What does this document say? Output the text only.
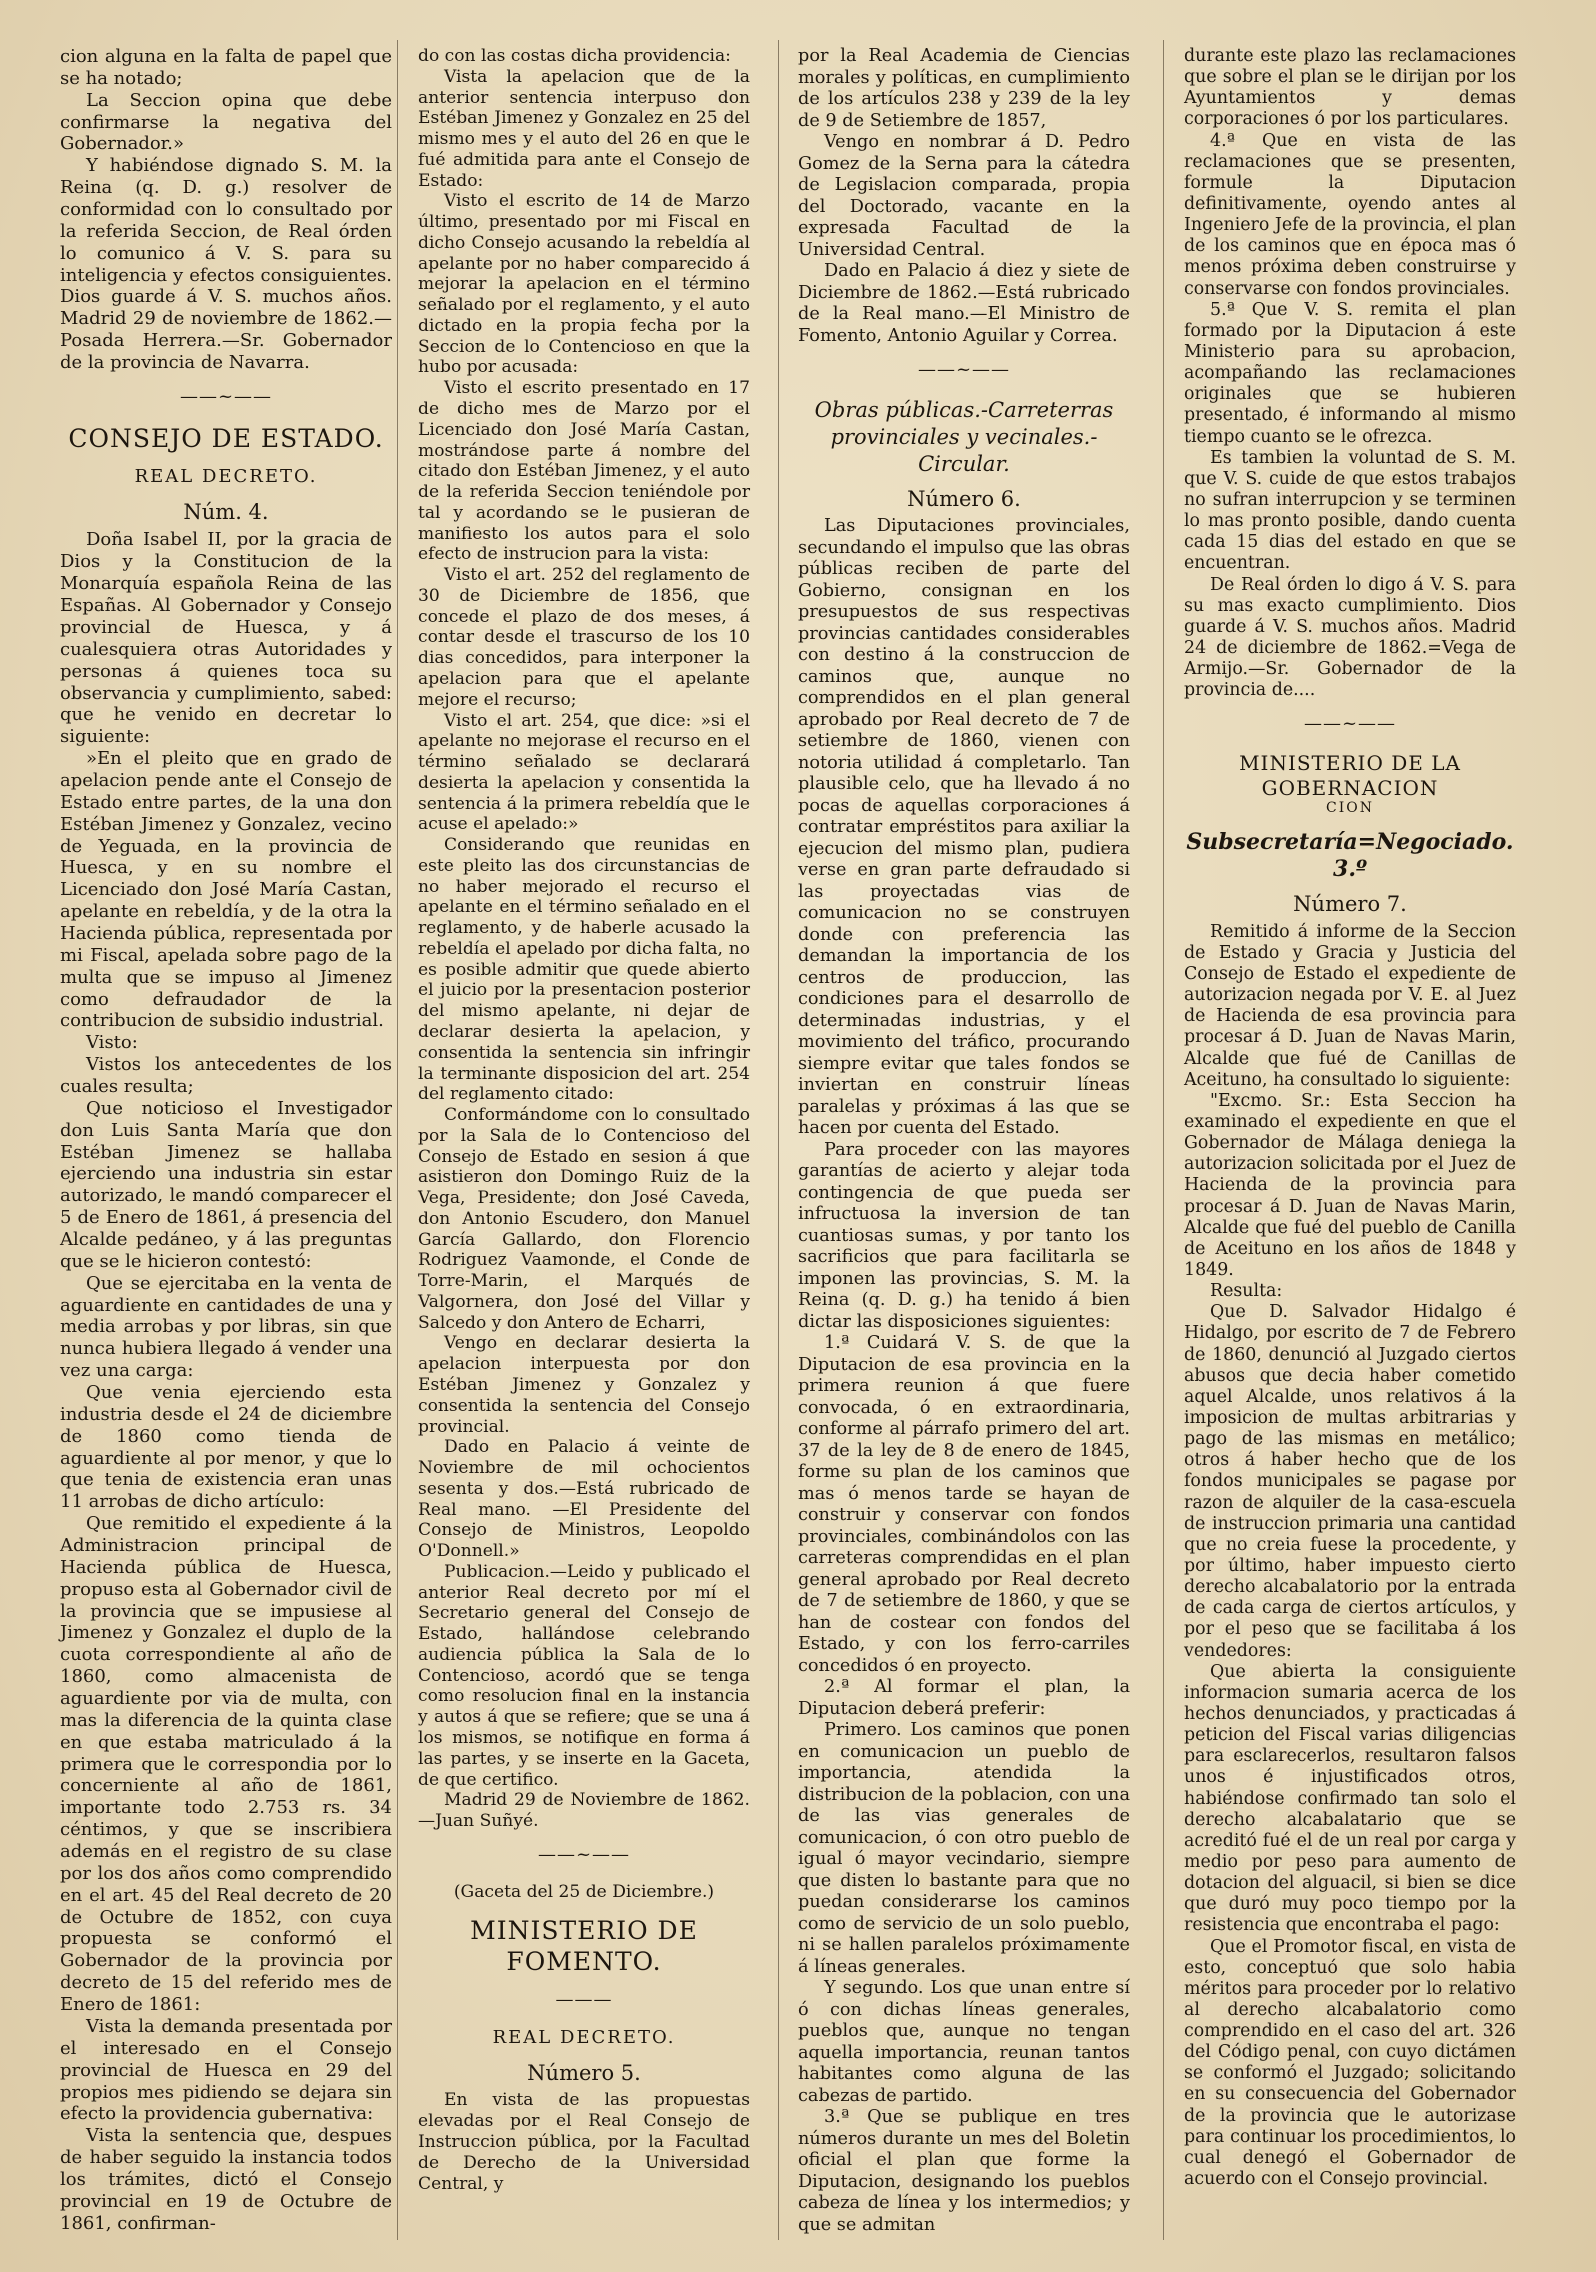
cion alguna en la falta de papel que se ha notado;

La Seccion opina que debe confirmarse la negativa del Gobernador.»

Y habiéndose dignado S. M. la Reina (q. D. g.) resolver de conformidad con lo consultado por la referida Seccion, de Real órden lo comunico á V. S. para su inteligencia y efectos consiguientes. Dios guarde á V. S. muchos años. Madrid 29 de noviembre de 1862.—Posada Herrera.—Sr. Gobernador de la provincia de Navarra.

——~——

CONSEJO DE ESTADO.

REAL DECRETO.

Núm. 4.

Doña Isabel II, por la gracia de Dios y la Constitucion de la Monarquía española Reina de las Españas. Al Gobernador y Consejo provincial de Huesca, y á cualesquiera otras Autoridades y personas á quienes toca su observancia y cumplimiento, sabed: que he venido en decretar lo siguiente:

»En el pleito que en grado de apelacion pende ante el Consejo de Estado entre partes, de la una don Estéban Jimenez y Gonzalez, vecino de Yeguada, en la provincia de Huesca, y en su nombre el Licenciado don José María Castan, apelante en rebeldía, y de la otra la Hacienda pública, representada por mi Fiscal, apelada sobre pago de la multa que se impuso al Jimenez como defraudador de la contribucion de subsidio industrial.

Visto:

Vistos los antecedentes de los cuales resulta;

Que noticioso el Investigador don Luis Santa María que don Estéban Jimenez se hallaba ejerciendo una industria sin estar autorizado, le mandó comparecer el 5 de Enero de 1861, á presencia del Alcalde pedáneo, y á las preguntas que se le hicieron contestó:

Que se ejercitaba en la venta de aguardiente en cantidades de una y media arrobas y por libras, sin que nunca hubiera llegado á vender una vez una carga:

Que venia ejerciendo esta industria desde el 24 de diciembre de 1860 como tienda de aguardiente al por menor, y que lo que tenia de existencia eran unas 11 arrobas de dicho artículo:

Que remitido el expediente á la Administracion principal de Hacienda pública de Huesca, propuso esta al Gobernador civil de la provincia que se impusiese al Jimenez y Gonzalez el duplo de la cuota correspondiente al año de 1860, como almacenista de aguardiente por via de multa, con mas la diferencia de la quinta clase en que estaba matriculado á la primera que le correspondia por lo concerniente al año de 1861, importante todo 2.753 rs. 34 céntimos, y que se inscribiera además en el registro de su clase por los dos años como comprendido en el art. 45 del Real decreto de 20 de Octubre de 1852, con cuya propuesta se conformó el Gobernador de la provincia por decreto de 15 del referido mes de Enero de 1861:

Vista la demanda presentada por el interesado en el Consejo provincial de Huesca en 29 del propios mes pidiendo se dejara sin efecto la providencia gubernativa:

Vista la sentencia que, despues de haber seguido la instancia todos los trámites, dictó el Consejo provincial en 19 de Octubre de 1861, confirman-

do con las costas dicha providencia:

Vista la apelacion que de la anterior sentencia interpuso don Estéban Jimenez y Gonzalez en 25 del mismo mes y el auto del 26 en que le fué admitida para ante el Consejo de Estado:

Visto el escrito de 14 de Marzo último, presentado por mi Fiscal en dicho Consejo acusando la rebeldía al apelante por no haber comparecido á mejorar la apelacion en el término señalado por el reglamento, y el auto dictado en la propia fecha por la Seccion de lo Contencioso en que la hubo por acusada:

Visto el escrito presentado en 17 de dicho mes de Marzo por el Licenciado don José María Castan, mostrándose parte á nombre del citado don Estéban Jimenez, y el auto de la referida Seccion teniéndole por tal y acordando se le pusieran de manifiesto los autos para el solo efecto de instrucion para la vista:

Visto el art. 252 del reglamento de 30 de Diciembre de 1856, que concede el plazo de dos meses, á contar desde el trascurso de los 10 dias concedidos, para interponer la apelacion para que el apelante mejore el recurso;

Visto el art. 254, que dice: »si el apelante no mejorase el recurso en el término señalado se declarará desierta la apelacion y consentida la sentencia á la primera rebeldía que le acuse el apelado:»

Considerando que reunidas en este pleito las dos circunstancias de no haber mejorado el recurso el apelante en el término señalado en el reglamento, y de haberle acusado la rebeldía el apelado por dicha falta, no es posible admitir que quede abierto el juicio por la presentacion posterior del mismo apelante, ni dejar de declarar desierta la apelacion, y consentida la sentencia sin infringir la terminante disposicion del art. 254 del reglamento citado:

Conformándome con lo consultado por la Sala de lo Contencioso del Consejo de Estado en sesion á que asistieron don Domingo Ruiz de la Vega, Presidente; don José Caveda, don Antonio Escudero, don Manuel García Gallardo, don Florencio Rodriguez Vaamonde, el Conde de Torre-Marin, el Marqués de Valgornera, don José del Villar y Salcedo y don Antero de Echarri,

Vengo en declarar desierta la apelacion interpuesta por don Estéban Jimenez y Gonzalez y consentida la sentencia del Consejo provincial.

Dado en Palacio á veinte de Noviembre de mil ochocientos sesenta y dos.—Está rubricado de Real mano. —El Presidente del Consejo de Ministros, Leopoldo O'Donnell.»

Publicacion.—Leido y publicado el anterior Real decreto por mí el Secretario general del Consejo de Estado, hallándose celebrando audiencia pública la Sala de lo Contencioso, acordó que se tenga como resolucion final en la instancia y autos á que se refiere; que se una á los mismos, se notifique en forma á las partes, y se inserte en la Gaceta, de que certifico.

Madrid 29 de Noviembre de 1862. —Juan Suñyé.

——~——

(Gaceta del 25 de Diciembre.)

MINISTERIO DE FOMENTO.

———

REAL DECRETO.

Número 5.

En vista de las propuestas elevadas por el Real Consejo de Instruccion pública, por la Facultad de Derecho de la Universidad Central, y

por la Real Academia de Ciencias morales y políticas, en cumplimiento de los artículos 238 y 239 de la ley de 9 de Setiembre de 1857,

Vengo en nombrar á D. Pedro Gomez de la Serna para la cátedra de Legislacion comparada, propia del Doctorado, vacante en la expresada Facultad de la Universidad Central.

Dado en Palacio á diez y siete de Diciembre de 1862.—Está rubricado de la Real mano.—El Ministro de Fomento, Antonio Aguilar y Correa.

——~——

Obras públicas.-Carreterras provinciales y vecinales.-Circular.

Número 6.

Las Diputaciones provinciales, secundando el impulso que las obras públicas reciben de parte del Gobierno, consignan en los presupuestos de sus respectivas provincias cantidades considerables con destino á la construccion de caminos que, aunque no comprendidos en el plan general aprobado por Real decreto de 7 de setiembre de 1860, vienen con notoria utilidad á completarlo. Tan plausible celo, que ha llevado á no pocas de aquellas corporaciones á contratar empréstitos para axiliar la ejecucion del mismo plan, pudiera verse en gran parte defraudado si las proyectadas vias de comunicacion no se construyen donde con preferencia las demandan la importancia de los centros de produccion, las condiciones para el desarrollo de determinadas industrias, y el movimiento del tráfico, procurando siempre evitar que tales fondos se inviertan en construir líneas paralelas y próximas á las que se hacen por cuenta del Estado.

Para proceder con las mayores garantías de acierto y alejar toda contingencia de que pueda ser infructuosa la inversion de tan cuantiosas sumas, y por tanto los sacrificios que para facilitarla se imponen las provincias, S. M. la Reina (q. D. g.) ha tenido á bien dictar las disposiciones siguientes:

1.ª Cuidará V. S. de que la Diputacion de esa provincia en la primera reunion á que fuere convocada, ó en extraordinaria, conforme al párrafo primero del art. 37 de la ley de 8 de enero de 1845, forme su plan de los caminos que mas ó menos tarde se hayan de construir y conservar con fondos provinciales, combinándolos con las carreteras comprendidas en el plan general aprobado por Real decreto de 7 de setiembre de 1860, y que se han de costear con fondos del Estado, y con los ferro-carriles concedidos ó en proyecto.

2.ª Al formar el plan, la Diputacion deberá preferir:

Primero. Los caminos que ponen en comunicacion un pueblo de importancia, atendida la distribucion de la poblacion, con una de las vias generales de comunicacion, ó con otro pueblo de igual ó mayor vecindario, siempre que disten lo bastante para que no puedan considerarse los caminos como de servicio de un solo pueblo, ni se hallen paralelos próximamente á líneas generales.

Y segundo. Los que unan entre sí ó con dichas líneas generales, pueblos que, aunque no tengan aquella importancia, reunan tantos habitantes como alguna de las cabezas de partido.

3.ª Que se publique en tres números durante un mes del Boletin oficial el plan que forme la Diputacion, designando los pueblos cabeza de línea y los intermedios; y que se admitan

durante este plazo las reclamaciones que sobre el plan se le dirijan por los Ayuntamientos y demas corporaciones ó por los particulares.

4.ª Que en vista de las reclamaciones que se presenten, formule la Diputacion definitivamente, oyendo antes al Ingeniero Jefe de la provincia, el plan de los caminos que en época mas ó menos próxima deben construirse y conservarse con fondos provinciales.

5.ª Que V. S. remita el plan formado por la Diputacion á este Ministerio para su aprobacion, acompañando las reclamaciones originales que se hubieren presentado, é informando al mismo tiempo cuanto se le ofrezca.

Es tambien la voluntad de S. M. que V. S. cuide de que estos trabajos no sufran interrupcion y se terminen lo mas pronto posible, dando cuenta cada 15 dias del estado en que se encuentran.

De Real órden lo digo á V. S. para su mas exacto cumplimiento. Dios guarde á V. S. muchos años. Madrid 24 de diciembre de 1862.=Vega de Armijo.—Sr. Gobernador de la provincia de....

——~——

MINISTERIO DE LA GOBERNACION

CION

Subsecretaría=Negociado. 3.º

Número 7.

Remitido á informe de la Seccion de Estado y Gracia y Justicia del Consejo de Estado el expediente de autorizacion negada por V. E. al Juez de Hacienda de esa provincia para procesar á D. Juan de Navas Marin, Alcalde que fué de Canillas de Aceituno, ha consultado lo siguiente:

"Excmo. Sr.: Esta Seccion ha examinado el expediente en que el Gobernador de Málaga deniega la autorizacion solicitada por el Juez de Hacienda de la provincia para procesar á D. Juan de Navas Marin, Alcalde que fué del pueblo de Canilla de Aceituno en los años de 1848 y 1849.

Resulta:

Que D. Salvador Hidalgo é Hidalgo, por escrito de 7 de Febrero de 1860, denunció al Juzgado ciertos abusos que decia haber cometido aquel Alcalde, unos relativos á la imposicion de multas arbitrarias y pago de las mismas en metálico; otros á haber hecho que de los fondos municipales se pagase por razon de alquiler de la casa-escuela de instruccion primaria una cantidad que no creia fuese la procedente, y por último, haber impuesto cierto derecho alcabalatorio por la entrada de cada carga de ciertos artículos, y por el peso que se facilitaba á los vendedores:

Que abierta la consiguiente informacion sumaria acerca de los hechos denunciados, y practicadas á peticion del Fiscal varias diligencias para esclarecerlos, resultaron falsos unos é injustificados otros, habiéndose confirmado tan solo el derecho alcabalatario que se acreditó fué el de un real por carga y medio por peso para aumento de dotacion del alguacil, si bien se dice que duró muy poco tiempo por la resistencia que encontraba el pago:

Que el Promotor fiscal, en vista de esto, conceptuó que solo habia méritos para proceder por lo relativo al derecho alcabalatorio como comprendido en el caso del art. 326 del Código penal, con cuyo dictámen se conformó el Juzgado; solicitando en su consecuencia del Gobernador de la provincia que le autorizase para continuar los procedimientos, lo cual denegó el Gobernador de acuerdo con el Consejo provincial.
